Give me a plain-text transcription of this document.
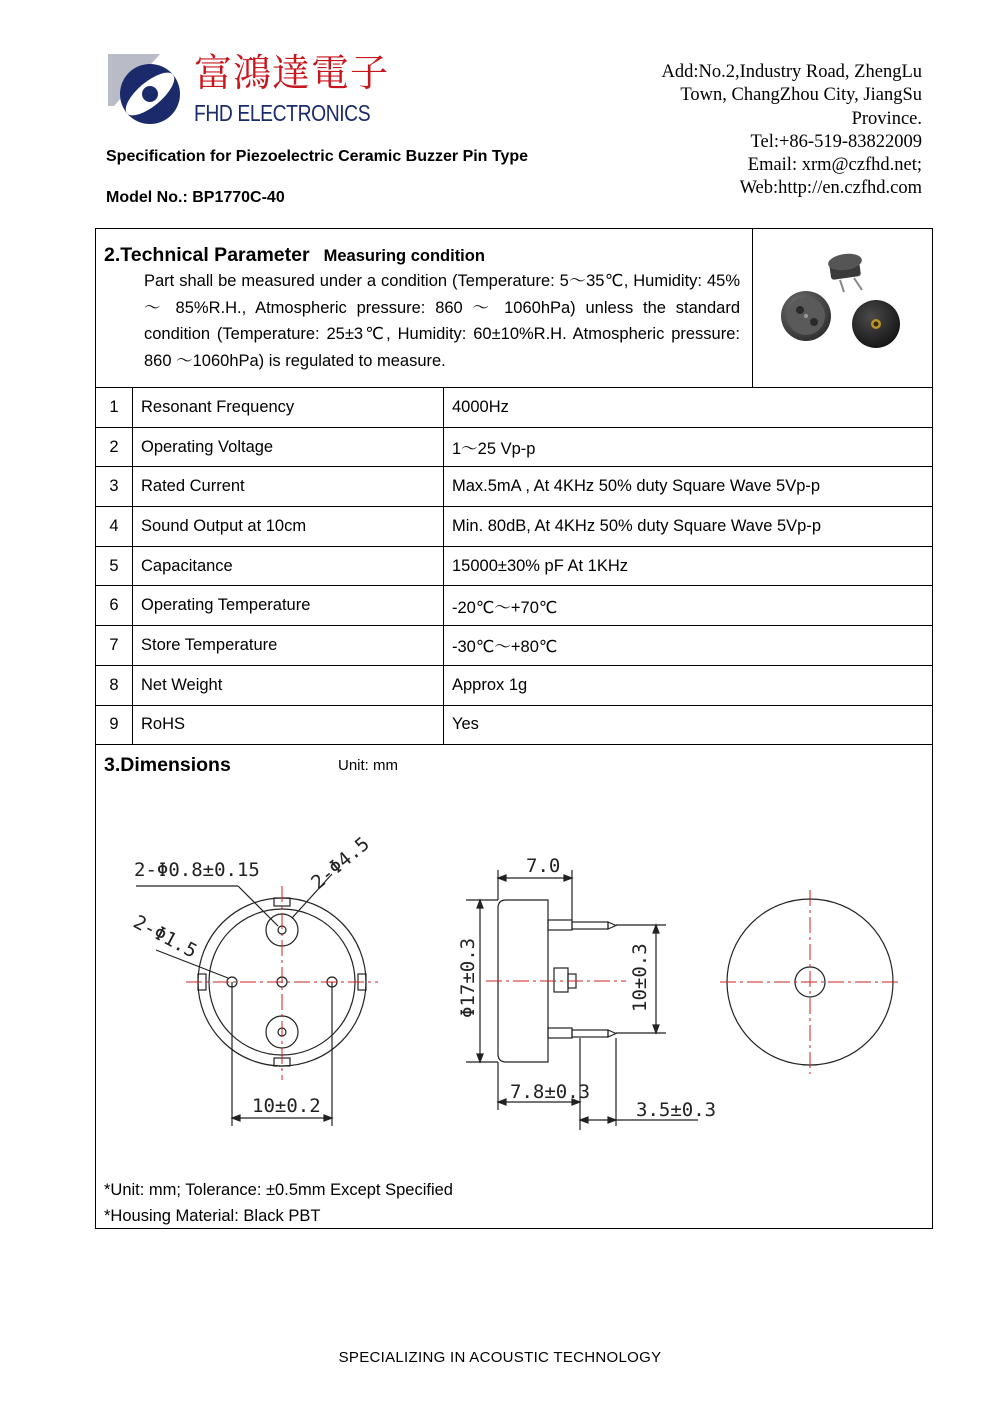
富鴻達電子
FHD ELECTRONICS
Specification for Piezoelectric Ceramic Buzzer Pin Type
Model No.: BP1770C-40
Add:No.2,Industry Road, ZhengLu
Town, ChangZhou City, JiangSu
Province.
Tel:+86-519-83822009
Email: xrm@czfhd.net;
Web:http://en.czfhd.com
2.Technical Parameter Measuring condition
Part shall be measured under a condition (Temperature: 5～35℃, Humidity: 45% ～ 85%R.H., Atmospheric pressure: 860 ～ 1060hPa) unless the standard condition (Temperature: 25±3℃, Humidity: 60±10%R.H. Atmospheric pressure: 860 ～1060hPa) is regulated to measure.
1	Resonant Frequency	4000Hz
2	Operating Voltage	1～25 Vp-p
3	Rated Current	Max.5mA , At 4KHz 50% duty Square Wave 5Vp-p
4	Sound Output at 10cm	Min. 80dB, At 4KHz 50% duty Square Wave 5Vp-p
5	Capacitance	15000±30% pF At 1KHz
6	Operating Temperature	-20℃～+70℃
7	Store Temperature	-30℃～+80℃
8	Net Weight	Approx 1g
9	RoHS	Yes
3.Dimensions	Unit: mm
2-Φ0.8±0.15 2-Φ4.5
2-Φ1.5
10±0.2
7.0
Φ17±0.3	10±0.3
7.8±0.3
3.5±0.3
*Unit: mm; Tolerance: ±0.5mm Except Specified
*Housing Material: Black PBT
SPECIALIZING IN ACOUSTIC TECHNOLOGY
